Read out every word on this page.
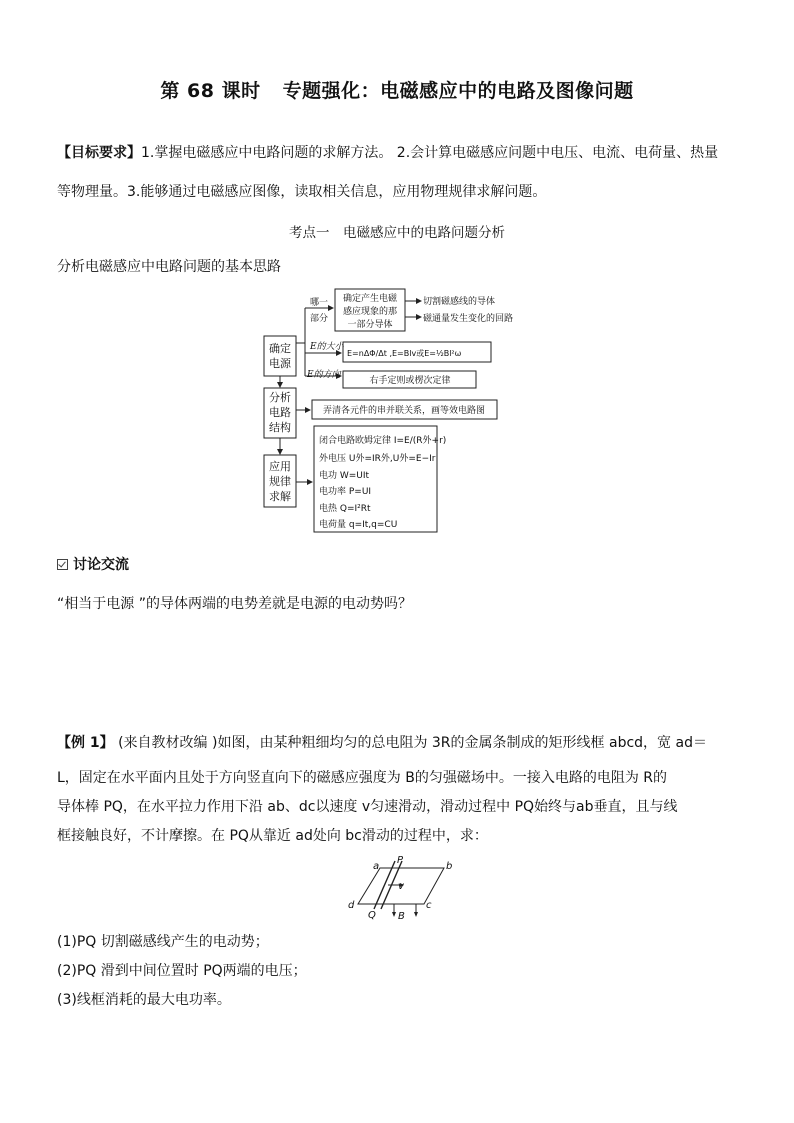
第 68 课时 专题强化：电磁感应中的电路及图像问题
【目标要求】1.掌握电磁感应中电路问题的求解方法。 2.会计算电磁感应问题中电压、电流、电荷量、热量
等物理量。3.能够通过电磁感应图像，读取相关信息，应用物理规律求解问题。
考点一　电磁感应中的电路问题分析
分析电磁感应中电路问题的基本思路
确定
电源
分析
电路
结构
应用
规律
求解
哪一
部分
确定产生电磁
感应现象的那
一部分导体
切割磁感线的导体
磁通量发生变化的回路
E的大小
E=nΔΦ/Δt ,E=Blv或E=½Bl²ω
E的方向
右手定则或楞次定律
弄清各元件的串并联关系，画等效电路图
闭合电路欧姆定律 I=E/(R外+r)
外电压 U外=IR外,U外=E−Ir
电功 W=UIt
电功率 P=UI
电热 Q=I²Rt
电荷量 q=It,q=CU
讨论交流
“相当于电源 ”的导体两端的电势差就是电源的电动势吗？
【例 1】 (来自教材改编 )如图，由某种粗细均匀的总电阻为 3R的金属条制成的矩形线框 abcd，宽 ad＝
L，固定在水平面内且处于方向竖直向下的磁感应强度为 B的匀强磁场中。一接入电路的电阻为 R的
导体棒 PQ，在水平拉力作用下沿 ab、dc以速度 v匀速滑动，滑动过程中 PQ始终与ab垂直，且与线
框接触良好，不计摩擦。在 PQ从靠近 ad处向 bc滑动的过程中，求：
a	b
c
d
P
Q
v
B
(1)PQ 切割磁感线产生的电动势；
(2)PQ 滑到中间位置时 PQ两端的电压；
(3)线框消耗的最大电功率。
